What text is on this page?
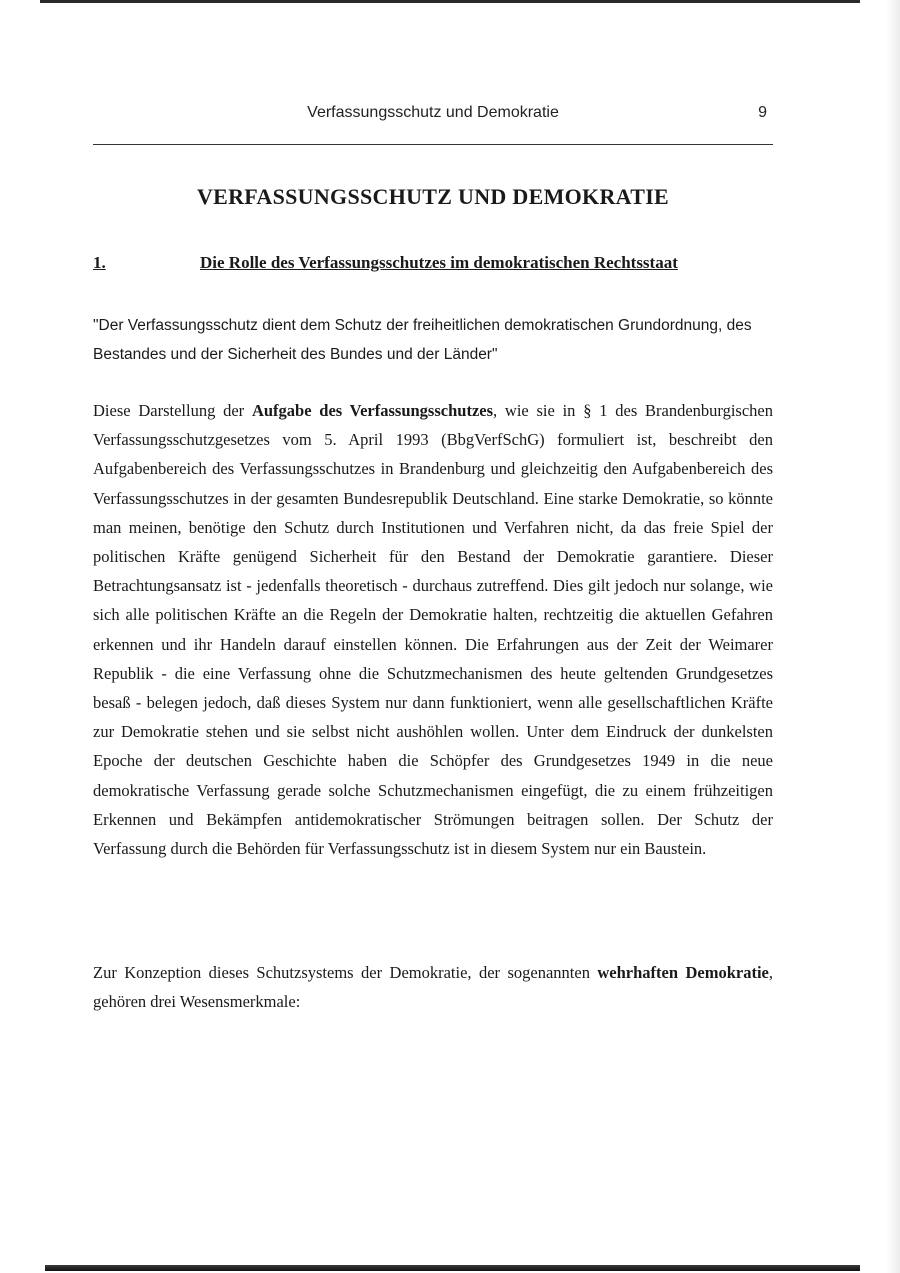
Verfassungsschutz und Demokratie	9
VERFASSUNGSSCHUTZ UND DEMOKRATIE
1.	Die Rolle des Verfassungsschutzes im demokratischen Rechtsstaat
"Der Verfassungsschutz dient dem Schutz der freiheitlichen demokratischen Grundordnung, des Bestandes und der Sicherheit des Bundes und der Länder"

Diese Darstellung der Aufgabe des Verfassungsschutzes, wie sie in § 1 des Brandenburgischen Verfassungsschutzgesetzes vom 5. April 1993 (BbgVerfSchG) formuliert ist, beschreibt den Aufgabenbereich des Verfassungsschutzes in Brandenburg und gleichzeitig den Aufgabenbereich des Verfassungsschutzes in der gesamten Bundesrepublik Deutschland. Eine starke Demokratie, so könnte man meinen, benötige den Schutz durch Institutionen und Verfahren nicht, da das freie Spiel der politischen Kräfte genügend Sicherheit für den Bestand der Demokratie garantiere. Dieser Betrachtungsansatz ist - jedenfalls theoretisch - durchaus zutreffend. Dies gilt jedoch nur solange, wie sich alle politischen Kräfte an die Regeln der Demokratie halten, rechtzeitig die aktuellen Gefahren erkennen und ihr Handeln darauf einstellen können. Die Erfahrungen aus der Zeit der Weimarer Republik - die eine Verfassung ohne die Schutzmechanismen des heute geltenden Grundgesetzes besaß - belegen jedoch, daß dieses System nur dann funktioniert, wenn alle gesellschaftlichen Kräfte zur Demokratie stehen und sie selbst nicht aushöhlen wollen. Unter dem Eindruck der dunkelsten Epoche der deutschen Geschichte haben die Schöpfer des Grundgesetzes 1949 in die neue demokratische Verfassung gerade solche Schutzmechanismen eingefügt, die zu einem frühzeitigen Erkennen und Bekämpfen antidemokratischer Strömungen beitragen sollen. Der Schutz der Verfassung durch die Behörden für Verfassungsschutz ist in diesem System nur ein Baustein.

Zur Konzeption dieses Schutzsystems der Demokratie, der sogenannten wehrhaften Demokratie, gehören drei Wesensmerkmale:
